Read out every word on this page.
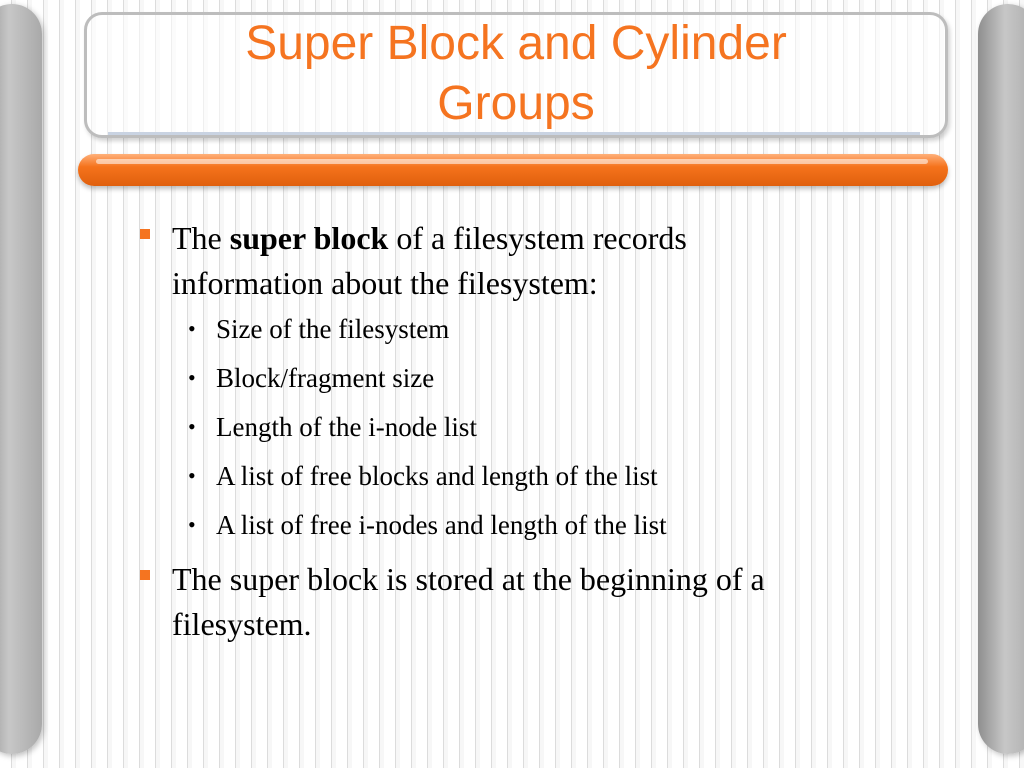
Super Block and Cylinder
Groups
The super block of a filesystem records
information about the filesystem:
• Size of the filesystem
• Block/fragment size
• Length of the i-node list
• A list of free blocks and length of the list
• A list of free i-nodes and length of the list
The super block is stored at the beginning of a
filesystem.
